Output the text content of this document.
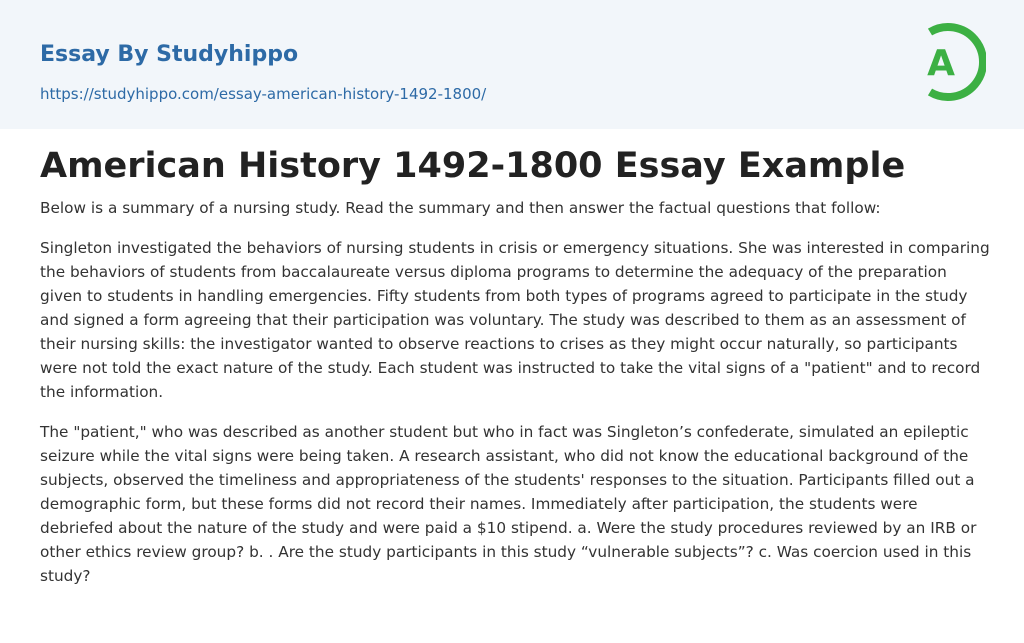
Essay By Studyhippo
https://studyhippo.com/essay-american-history-1492-1800/
A
American History 1492-1800 Essay Example

Below is a summary of a nursing study. Read the summary and then answer the factual questions that follow:

Singleton investigated the behaviors of nursing students in crisis or emergency situations. She was interested in comparing the behaviors of students from baccalaureate versus diploma programs to determine the adequacy of the preparation given to students in handling emergencies. Fifty students from both types of programs agreed to participate in the study and signed a form agreeing that their participation was voluntary. The study was described to them as an assessment of their nursing skills: the investigator wanted to observe reactions to crises as they might occur naturally, so participants were not told the exact nature of the study. Each student was instructed to take the vital signs of a "patient" and to record the information.

The "patient," who was described as another student but who in fact was Singleton’s confederate, simulated an epileptic seizure while the vital signs were being taken. A research assistant, who did not know the educational background of the subjects, observed the timeliness and appropriateness of the students' responses to the situation. Participants filled out a demographic form, but these forms did not record their names. Immediately after participation, the students were debriefed about the nature of the study and were paid a $10 stipend. a. Were the study procedures reviewed by an IRB or other ethics review group? b. . Are the study participants in this study “vulnerable subjects”? c. Was coercion used in this study?
